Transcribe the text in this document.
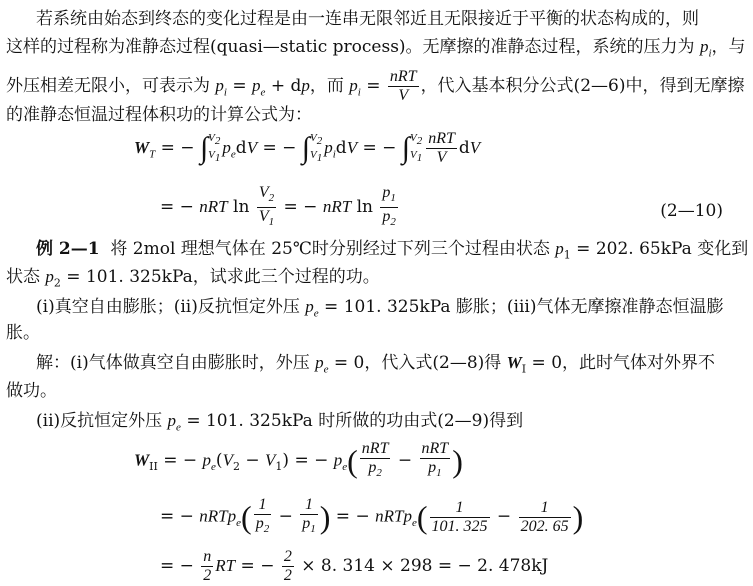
若系统由始态到终态的变化过程是由一连串无限邻近且无限接近于平衡的状态构成的，则
这样的过程称为准静态过程(quasi—static process)。无摩擦的准静态过程，系统的压力为 $p_i$，与
外压相差无限小，可表示为 $p_i = p_e$ + dp，而 $p_i = \frac{\text{nRT}}{V}$ ，代入基本积分公式(2—6)中，得到无摩擦
的准静态恒温过程体积功的计算公式为：
$W_T$ = − ∫ $V_2$
$V_1$
$p_edV$ = − ∫ $V_2$
$V_1$
$p_idV$ = − ∫ $V_2$
$V_1 \frac{\text{nRT}}{V}$ dV
= − nRT $\ln \frac{V_2}{V_1}$ = − nRT $\ln \frac{p_1}{p_2}$	(2—10)
例 2—1  将 2mol 理想气体在 25℃时分别经过下列三个过程由状态 $p_1 = 202$. 65kPa 变化到
状态 $p_2 = 101$. 325kPa，试求此三个过程的功。
(i)真空自由膨胀；(ii)反抗恒定外压 $p_e = 101$. 325kPa 膨胀；(iii)气体无摩擦准静态恒温膨
胀。
解：(i)气体做真空自由膨胀时，外压 $p_e = 0$，代入式(2—8)得 $W_I = 0$，此时气体对外界不
做功。
(ii)反抗恒定外压 $p_e = 101$. 325kPa 时所做的功由式(2—9)得到
$W_{II}$ = − $p_e(V_2 - V_1)$ = − $p_e( \frac{\text{nRT}}{p_2} - \frac{\text{nRT}}{p_1}$ )
= − nRTp$_e$( $\frac{1}{p_2} - \frac{1}{p_1}$ ) = − nRTp$_e$( $\frac{1}{101. 325} - \frac{1}{202. 65}$ )
= − $\frac{n}{2}$ RT = − $\frac{2}{2} \times 8$. 314 × 298 = − 2. 478kJ
